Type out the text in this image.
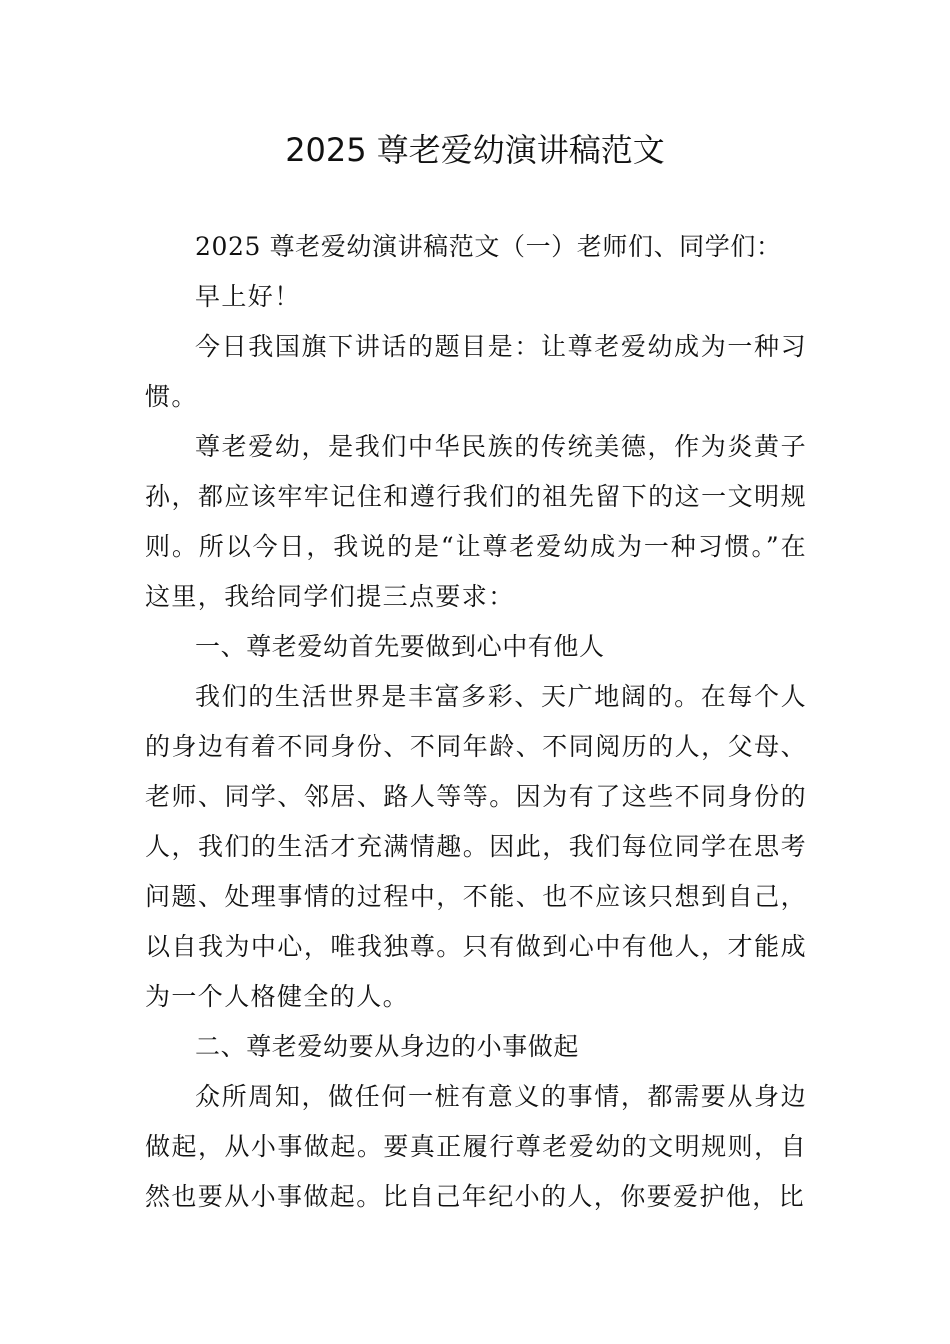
2025 尊老爱幼演讲稿范文

2025 尊老爱幼演讲稿范文（一）老师们、同学们：

早上好！

今日我国旗下讲话的题目是：让尊老爱幼成为一种习惯。

尊老爱幼，是我们中华民族的传统美德，作为炎黄子孙，都应该牢牢记住和遵行我们的祖先留下的这一文明规则。所以今日，我说的是“让尊老爱幼成为一种习惯。”在这里，我给同学们提三点要求：

一、尊老爱幼首先要做到心中有他人

我们的生活世界是丰富多彩、天广地阔的。在每个人的身边有着不同身份、不同年龄、不同阅历的人，父母、老师、同学、邻居、路人等等。因为有了这些不同身份的人，我们的生活才充满情趣。因此，我们每位同学在思考问题、处理事情的过程中，不能、也不应该只想到自己，以自我为中心，唯我独尊。只有做到心中有他人，才能成为一个人格健全的人。

二、尊老爱幼要从身边的小事做起

众所周知，做任何一桩有意义的事情，都需要从身边做起，从小事做起。要真正履行尊老爱幼的文明规则，自然也要从小事做起。比自己年纪小的人，你要爱护他，比
